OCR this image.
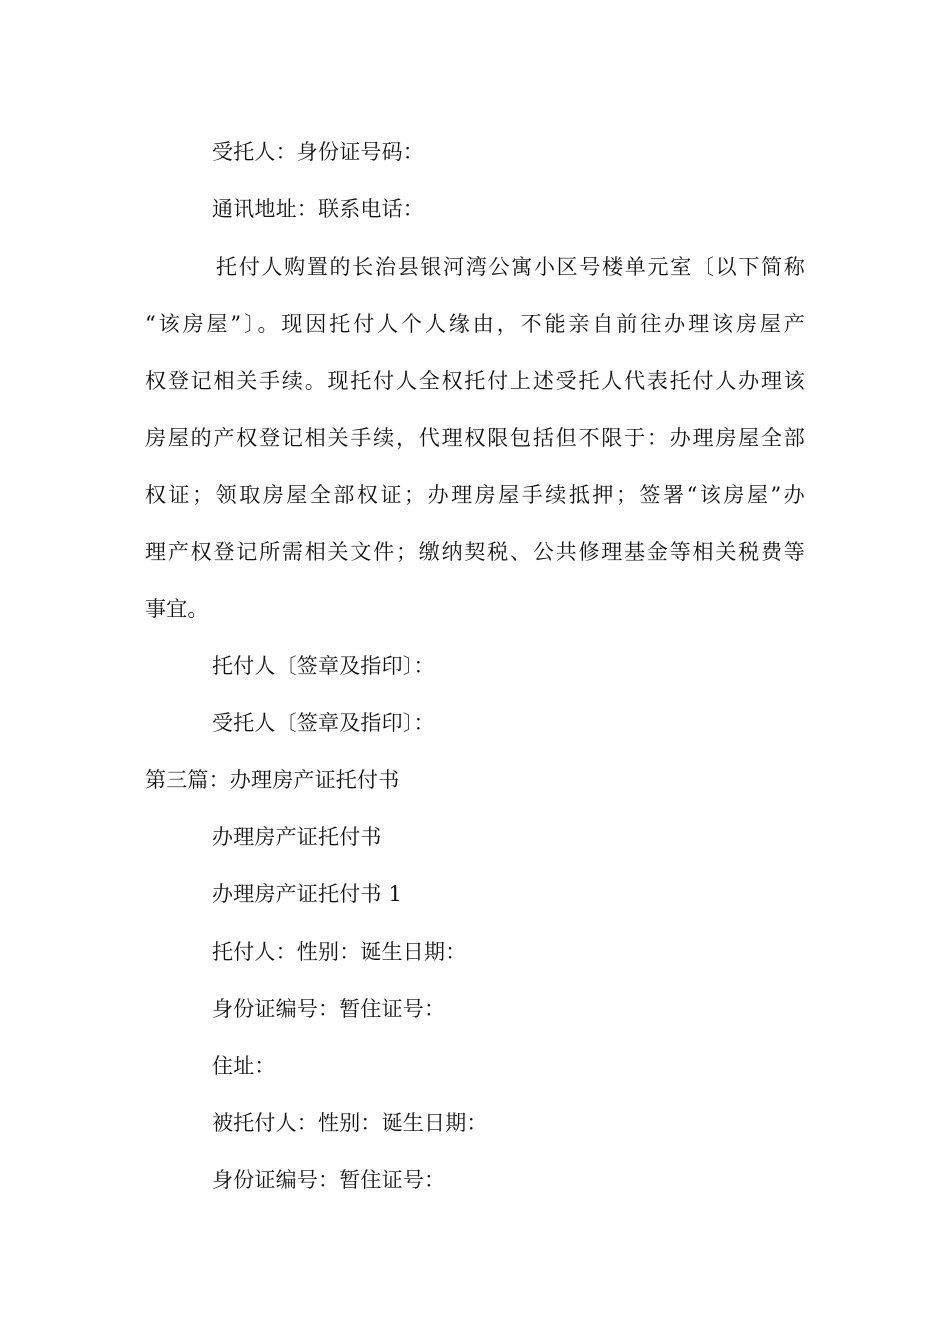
受托人：身份证号码：
通讯地址：联系电话：
托付人购置的长治县银河湾公寓小区号楼单元室〔以下简称
“该房屋”〕。现因托付人个人缘由，不能亲自前往办理该房屋产
权登记相关手续。现托付人全权托付上述受托人代表托付人办理该
房屋的产权登记相关手续，代理权限包括但不限于：办理房屋全部
权证；领取房屋全部权证；办理房屋手续抵押；签署“该房屋”办
理产权登记所需相关文件；缴纳契税、公共修理基金等相关税费等
事宜。
托付人〔签章及指印〕：
受托人〔签章及指印〕：
第三篇：办理房产证托付书
办理房产证托付书
办理房产证托付书 1
托付人：性别：诞生日期：
身份证编号：暂住证号：
住址：
被托付人：性别：诞生日期：
身份证编号：暂住证号：
